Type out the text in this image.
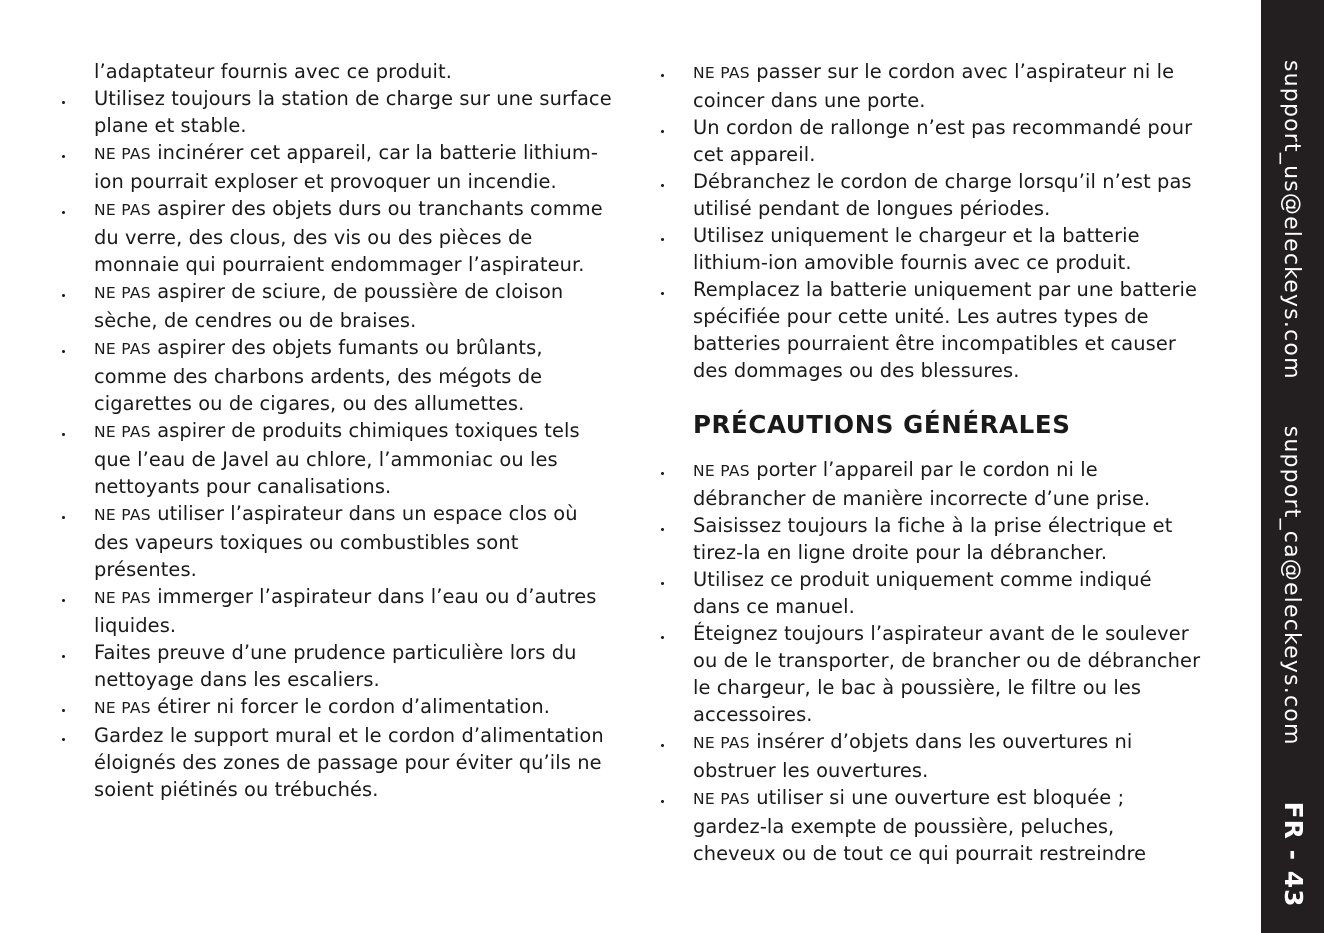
l’adaptateur fournis avec ce produit.

Utilisez toujours la station de charge sur une surface plane et stable.
NE PAS incinérer cet appareil, car la batterie lithium-ion pourrait exploser et provoquer un incendie.
NE PAS aspirer des objets durs ou tranchants comme du verre, des clous, des vis ou des pièces de monnaie qui pourraient endommager l’aspirateur.
NE PAS aspirer de sciure, de poussière de cloison sèche, de cendres ou de braises.
NE PAS aspirer des objets fumants ou brûlants, comme des charbons ardents, des mégots de cigarettes ou de cigares, ou des allumettes.
NE PAS aspirer de produits chimiques toxiques tels que l’eau de Javel au chlore, l’ammoniac ou les nettoyants pour canalisations.
NE PAS utiliser l’aspirateur dans un espace clos où des vapeurs toxiques ou combustibles sont présentes.
NE PAS immerger l’aspirateur dans l’eau ou d’autres liquides.
Faites preuve d’une prudence particulière lors du nettoyage dans les escaliers.
NE PAS étirer ni forcer le cordon d’alimentation.
Gardez le support mural et le cordon d’alimentation éloignés des zones de passage pour éviter qu’ils ne soient piétinés ou trébuchés.
NE PAS passer sur le cordon avec l’aspirateur ni le coincer dans une porte.
Un cordon de rallonge n’est pas recommandé pour cet appareil.
Débranchez le cordon de charge lorsqu’il n’est pas utilisé pendant de longues périodes.
Utilisez uniquement le chargeur et la batterie lithium-ion amovible fournis avec ce produit.
Remplacez la batterie uniquement par une batterie spécifiée pour cette unité. Les autres types de batteries pourraient être incompatibles et causer des dommages ou des blessures.
PRÉCAUTIONS GÉNÉRALES
NE PAS porter l’appareil par le cordon ni le débrancher de manière incorrecte d’une prise.
Saisissez toujours la fiche à la prise électrique et tirez-la en ligne droite pour la débrancher.
Utilisez ce produit uniquement comme indiqué dans ce manuel.
Éteignez toujours l’aspirateur avant de le soulever ou de le transporter, de brancher ou de débrancher le chargeur, le bac à poussière, le filtre ou les accessoires.
NE PAS insérer d’objets dans les ouvertures ni obstruer les ouvertures.
NE PAS utiliser si une ouverture est bloquée ; gardez-la exempte de poussière, peluches, cheveux ou de tout ce qui pourrait restreindre
support_us@eleckeys.comsupport_ca@eleckeys.comFR - 43
